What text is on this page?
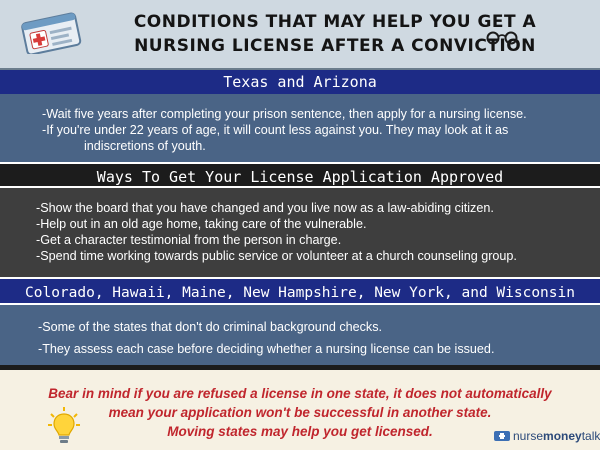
CONDITIONS THAT MAY HELP YOU GET A
NURSING LICENSE AFTER A CONVICTION
Texas and Arizona

-Wait five years after completing your prison sentence, then apply for a nursing license.

-If you're under 22 years of age, it will count less against you. They may look at it as

indiscretions of youth.

Ways To Get Your License Application Approved

-Show the board that you have changed and you live now as a law-abiding citizen.

-Help out in an old age home, taking care of the vulnerable.

-Get a character testimonial from the person in charge.

-Spend time working towards public service or volunteer at a church counseling group.

Colorado, Hawaii, Maine, New Hampshire, New York, and Wisconsin

-Some of the states that don't do criminal background checks.

-They assess each case before deciding whether a nursing license can be issued.

Bear in mind if you are refused a license in one state, it does not automatically
mean your application won't be successful in another state.
Moving states may help you get licensed.	nursemoneytalk
